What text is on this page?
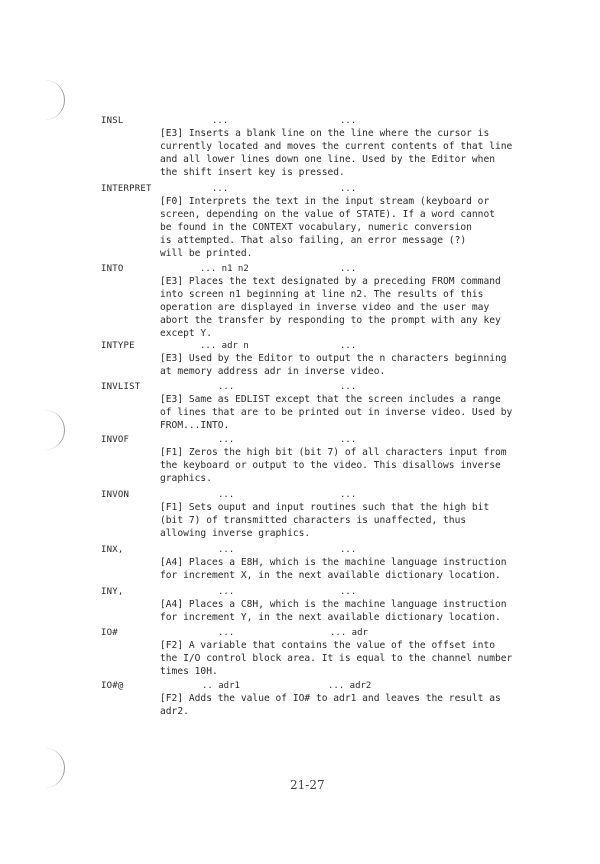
INSL	...	...
[E3] Inserts a blank line on the line where the cursor is
currently located and moves the current contents of that line
and all lower lines down one line. Used by the Editor when
the shift insert key is pressed.
INTERPRET	...	...
[F0] Interprets the text in the input stream (keyboard or
screen, depending on the value of STATE). If a word cannot
be found in the CONTEXT vocabulary, numeric conversion
is attempted. That also failing, an error message (?)
will be printed.
INTO	... n1 n2	...
[E3] Places the text designated by a preceding FROM command
into screen n1 beginning at line n2. The results of this
operation are displayed in inverse video and the user may
abort the transfer by responding to the prompt with any key
except Y.
INTYPE	... adr n	...
[E3] Used by the Editor to output the n characters beginning
at memory address adr in inverse video.
INVLIST	...	...
[E3] Same as EDLIST except that the screen includes a range
of lines that are to be printed out in inverse video. Used by
FROM...INTO.
INVOF	...	...
[F1] Zeros the high bit (bit 7) of all characters input from
the keyboard or output to the video. This disallows inverse
graphics.
INVON	...	...
[F1] Sets ouput and input routines such that the high bit
(bit 7) of transmitted characters is unaffected, thus
allowing inverse graphics.
INX,	...	...
[A4] Places a E8H, which is the machine language instruction
for increment X, in the next available dictionary location.
INY,	...	...
[A4] Places a C8H, which is the machine language instruction
for increment Y, in the next available dictionary location.
IO#	...	... adr
[F2] A variable that contains the value of the offset into
the I/O control block area. It is equal to the channel number
times 10H.
IO#@	.. adr1	... adr2
[F2] Adds the value of IO# to adr1 and leaves the result as
adr2.
21-27
